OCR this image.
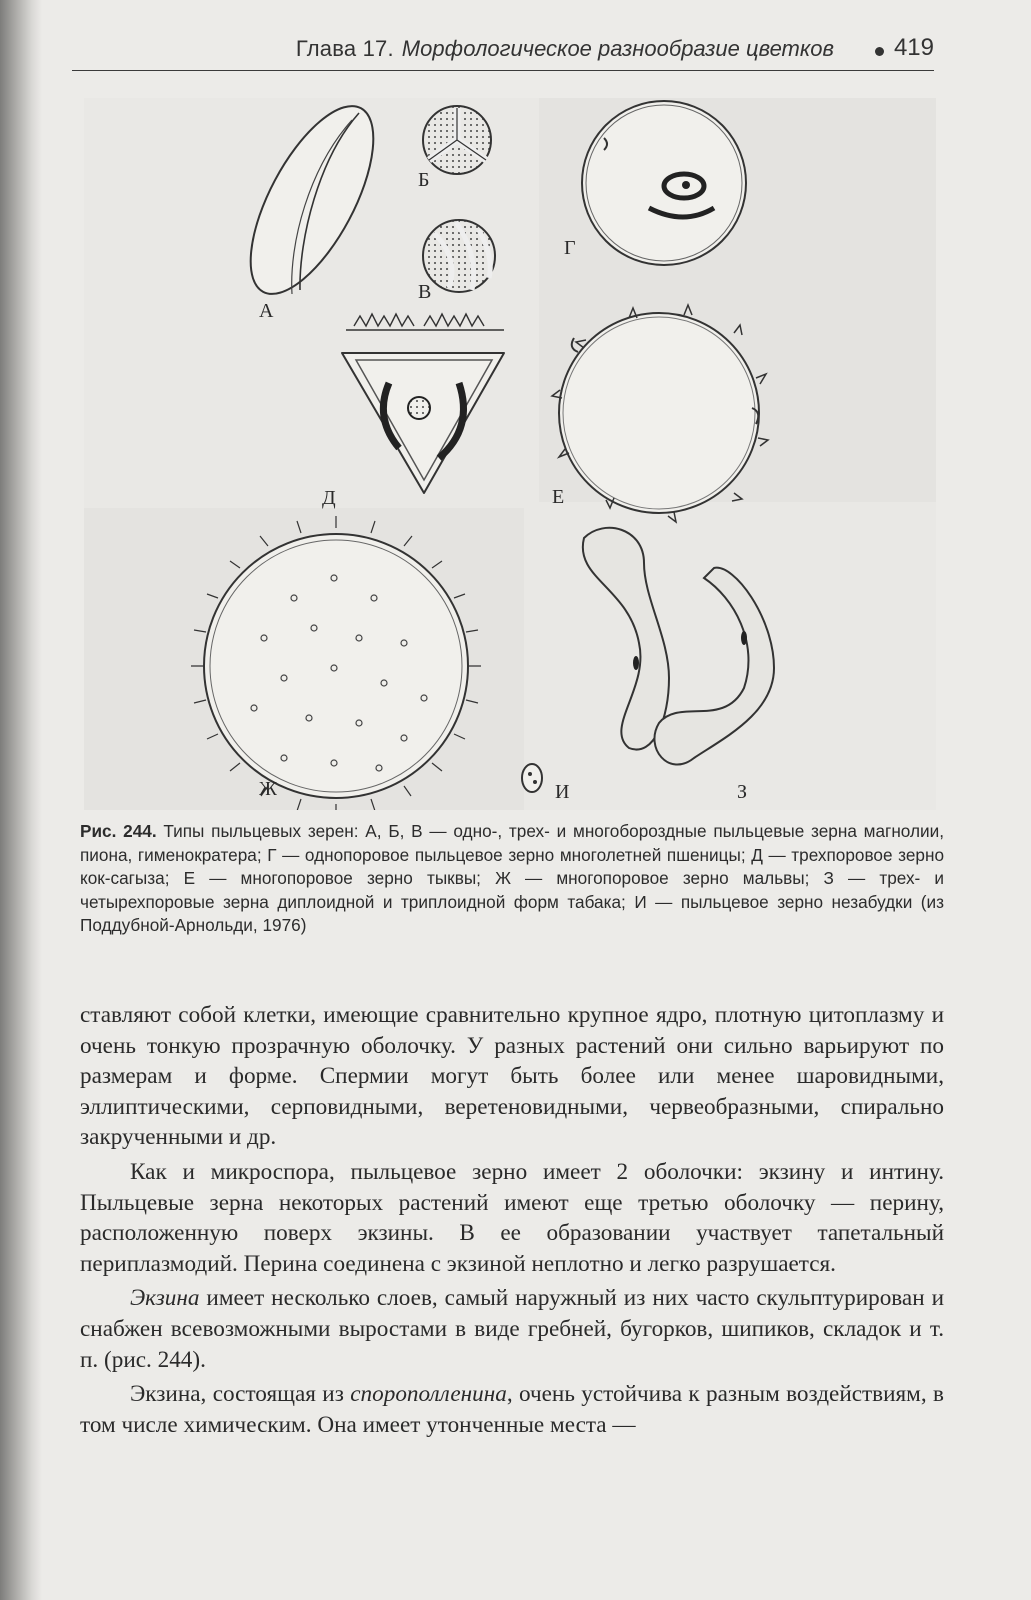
Глава 17. Морфологическое разнообразие цветков 419
А
Б
В
Г
Д	Е
Ж	И	З
Рис. 244. Типы пыльцевых зерен: А, Б, В — одно-, трех- и многобороздные пыльцевые зерна магнолии, пиона, гименократера; Г — однопоровое пыльцевое зерно многолетней пшеницы; Д — трехпоровое зерно кок-сагыза; Е — многопоровое зерно тыквы; Ж — многопоровое зерно мальвы; З — трех- и четырехпоровые зерна диплоидной и триплоидной форм табака; И — пыльцевое зерно незабудки (из Поддубной-Арнольди, 1976)

ставляют собой клетки, имеющие сравнительно крупное ядро, плотную цитоплазму и очень тонкую прозрачную оболочку. У разных растений они сильно варьируют по размерам и форме. Спермии могут быть более или менее шаровидными, эллиптическими, серповидными, веретеновидными, червеобразными, спирально закрученными и др.

Как и микроспора, пыльцевое зерно имеет 2 оболочки: экзину и интину. Пыльцевые зерна некоторых растений имеют еще третью оболочку — перину, расположенную поверх экзины. В ее образовании участвует тапетальный периплазмодий. Перина соединена с экзиной неплотно и легко разрушается.

Экзина имеет несколько слоев, самый наружный из них часто скульптурирован и снабжен всевозможными выростами в виде гребней, бугорков, шипиков, складок и т. п. (рис. 244).

Экзина, состоящая из спорополленина, очень устойчива к разным воздействиям, в том числе химическим. Она имеет утонченные места —
